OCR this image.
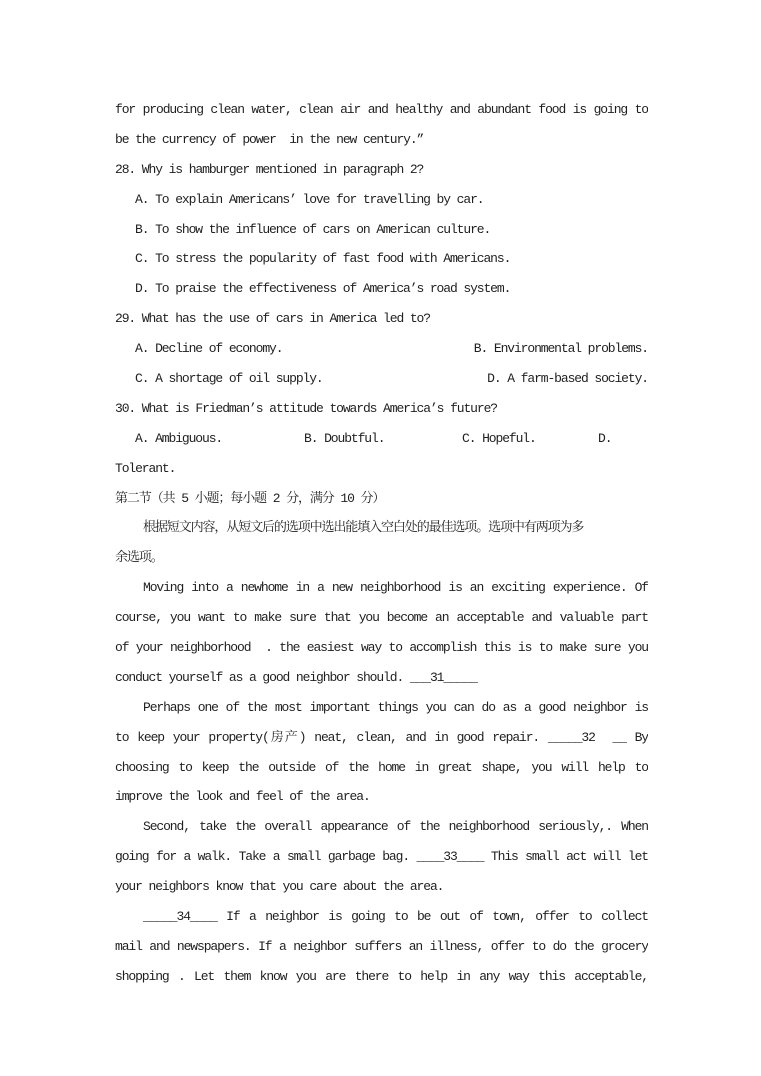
for producing clean water, clean air and healthy and abundant food is going to
be the currency of power  in the new century.”
28. Why is hamburger mentioned in paragraph 2?
A. To explain Americans’ love for travelling by car.
B. To show the influence of cars on American culture.
C. To stress the popularity of fast food with Americans.
D. To praise the effectiveness of America’s road system.
29. What has the use of cars in America led to?
A. Decline of economy.	B. Environmental problems.
C. A shortage of oil supply.	D. A farm-based society.
30. What is Friedman’s attitude towards America’s future?
A. Ambiguous.	B. Doubtful.	C. Hopeful.	D.
Tolerant.
第二节（共 5 小题；每小题 2 分，满分 10 分）
根据短文内容，从短文后的选项中选出能填入空白处的最佳选项。选项中有两项为多
余选项。
Moving into a newhome in a new neighborhood is an exciting experience. Of
course, you want to make sure that you become an acceptable and valuable part
of your neighborhood  . the easiest way to accomplish this is to make sure you
conduct yourself as a good neighbor should. ___31_____
Perhaps one of the most important things you can do as a good neighbor is
to keep your property(房产) neat, clean, and in good repair. _____32  __ By
choosing to keep the outside of the home in great shape, you will help to
improve the look and feel of the area.
Second, take the overall appearance of the neighborhood seriously,. When
going for a walk. Take a small garbage bag. ____33____ This small act will let
your neighbors know that you care about the area.
_____34____ If a neighbor is going to be out of town, offer to collect
mail and newspapers. If a neighbor suffers an illness, offer to do the grocery
shopping . Let them know you are there to help in any way this acceptable,
